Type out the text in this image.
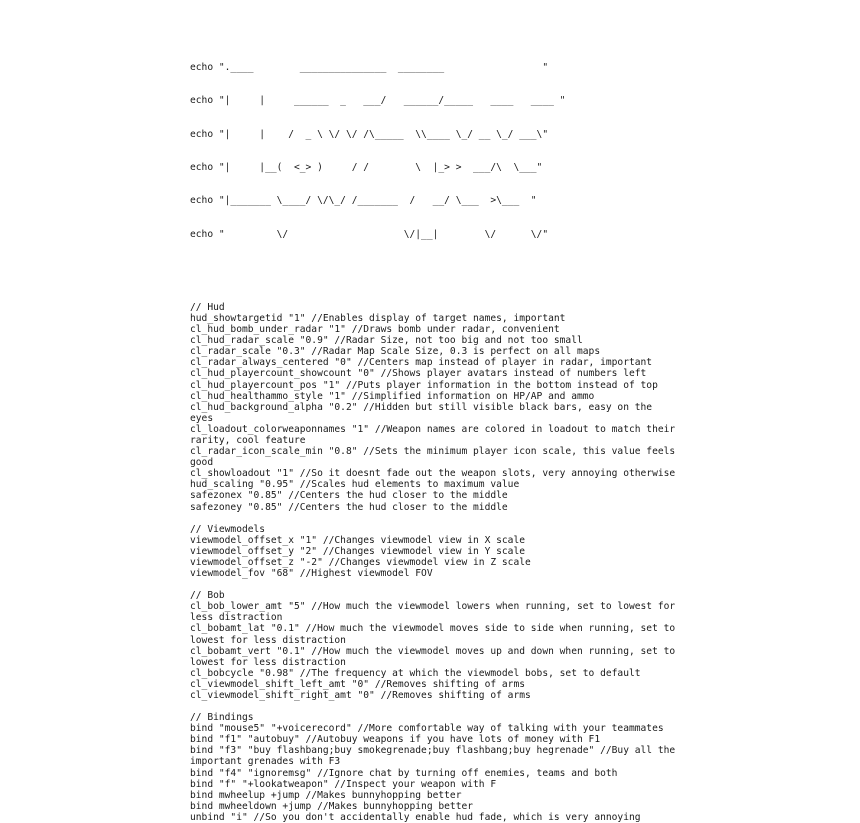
echo ".____        _______________  ________                 "

echo "|     |     ______  _   ___/   ______/_____   ____   ____ "

echo "|     |    /  _ \ \/ \/ /\_____  \\____ \_/ __ \_/ ___\"

echo "|     |__(  <_> )     / /        \  |_> >  ___/\  \___"

echo "|_______ \____/ \/\_/ /_______  /   __/ \___  >\___  "

echo "         \/                    \/|__|        \/      \/"

// Hud
hud_showtargetid "1" //Enables display of target names, important
cl_hud_bomb_under_radar "1" //Draws bomb under radar, convenient
cl_hud_radar_scale "0.9" //Radar Size, not too big and not too small
cl_radar_scale "0.3" //Radar Map Scale Size, 0.3 is perfect on all maps
cl_radar_always_centered "0" //Centers map instead of player in radar, important
cl_hud_playercount_showcount "0" //Shows player avatars instead of numbers left
cl_hud_playercount_pos "1" //Puts player information in the bottom instead of top
cl_hud_healthammo_style "1" //Simplified information on HP/AP and ammo
cl_hud_background_alpha "0.2" //Hidden but still visible black bars, easy on the eyes
cl_loadout_colorweaponnames "1" //Weapon names are colored in loadout to match their rarity, cool feature
cl_radar_icon_scale_min "0.8" //Sets the minimum player icon scale, this value feels good
cl_showloadout "1" //So it doesnt fade out the weapon slots, very annoying otherwise
hud_scaling "0.95" //Scales hud elements to maximum value
safezonex "0.85" //Centers the hud closer to the middle
safezoney "0.85" //Centers the hud closer to the middle
// Viewmodels
viewmodel_offset_x "1" //Changes viewmodel view in X scale
viewmodel_offset_y "2" //Changes viewmodel view in Y scale
viewmodel_offset_z "-2" //Changes viewmodel view in Z scale
viewmodel_fov "68" //Highest viewmodel FOV
// Bob
cl_bob_lower_amt "5" //How much the viewmodel lowers when running, set to lowest for less distraction
cl_bobamt_lat "0.1" //How much the viewmodel moves side to side when running, set to lowest for less distraction
cl_bobamt_vert "0.1" //How much the viewmodel moves up and down when running, set to lowest for less distraction
cl_bobcycle "0.98" //The frequency at which the viewmodel bobs, set to default
cl_viewmodel_shift_left_amt "0" //Removes shifting of arms
cl_viewmodel_shift_right_amt "0" //Removes shifting of arms
// Bindings
bind "mouse5" "+voicerecord" //More comfortable way of talking with your teammates
bind "f1" "autobuy" //Autobuy weapons if you have lots of money with F1
bind "f3" "buy flashbang;buy smokegrenade;buy flashbang;buy hegrenade" //Buy all the important grenades with F3
bind "f4" "ignoremsg" //Ignore chat by turning off enemies, teams and both
bind "f" "+lookatweapon" //Inspect your weapon with F
bind mwheelup +jump //Makes bunnyhopping better
bind mwheeldown +jump //Makes bunnyhopping better
unbind "i" //So you don't accidentally enable hud fade, which is very annoying
